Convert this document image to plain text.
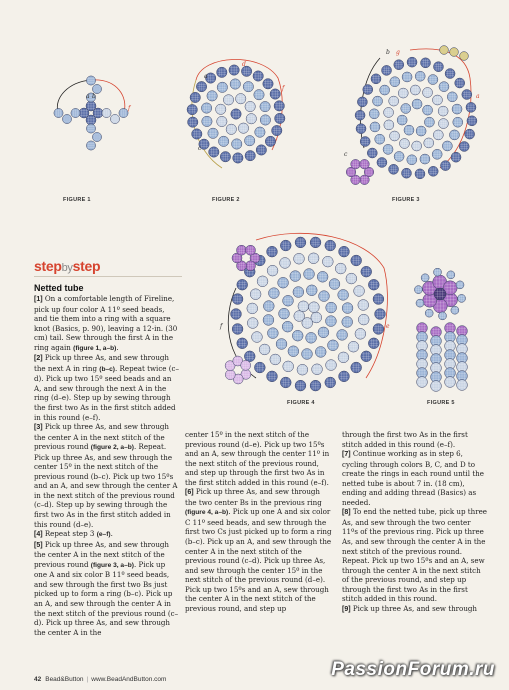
a b
f
FIGURE 1
d
f
a
c
FIGURE 2
b
a
c
g
FIGURE 3
f	e
FIGURE 4	FIGURE 5
stepbystep
Netted tube

[1] On a comfortable length of Fireline, pick up four color A 11º seed beads, and tie them into a ring with a square knot (Basics, p. 90), leaving a 12-in. (30 cm) tail. Sew through the first A in the ring again (figure 1, a–b).

[2] Pick up three As, and sew through the next A in ring (b–c). Repeat twice (c–d). Pick up two 15º seed beads and an A, and sew through the next A in the ring (d–e). Step up by sewing through the first two As in the first stitch added in this round (e–f).

[3] Pick up three As, and sew through the center A in the next stitch of the previous round (figure 2, a–b). Repeat. Pick up three As, and sew through the center 15º in the next stitch of the previous round (b–c). Pick up two 15ºs and an A, and sew through the center A in the next stitch of the previous round (c–d). Step up by sewing through the first two As in the first stitch added in this round (d–e).

[4] Repeat step 3 (e–f).

[5] Pick up three As, and sew through the center A in the next stitch of the previous round (figure 3, a–b). Pick up one A and six color B 11º seed beads, and sew through the first two Bs just picked up to form a ring (b–c). Pick up an A, and sew through the center A in the next stitch of the previous round (c–d). Pick up three As, and sew through the center A in the

center 15º in the next stitch of the previous round (d–e). Pick up two 15ºs and an A, sew through the center 11º in the next stitch of the previous round, and step up through the first two As in the first stitch added in this round (e–f).

[6] Pick up three As, and sew through the two center Bs in the previous ring (figure 4, a–b). Pick up one A and six color C 11º seed beads, and sew through the first two Cs just picked up to form a ring (b–c). Pick up an A, and sew through the center A in the next stitch of the previous round (c–d). Pick up three As, and sew through the center 15º in the next stitch of the previous round (d–e). Pick up two 15ºs and an A, sew through the center A in the next stitch of the previous round, and step up

through the first two As in the first stitch added in this round (e–f).

[7] Continue working as in step 6, cycling through colors B, C, and D to create the rings in each round until the netted tube is about 7 in. (18 cm), ending and adding thread (Basics) as needed.

[8] To end the netted tube, pick up three As, and sew through the two center 11ºs of the previous ring. Pick up three As, and sew through the center A in the next stitch of the previous round. Repeat. Pick up two 15ºs and an A, sew through the center A in the next stitch of the previous round, and step up through the first two As in the first stitch added in this round.

[9] Pick up three As, and sew through

42 Bead&Button | www.BeadAndButton.com	PassionForum.ru
